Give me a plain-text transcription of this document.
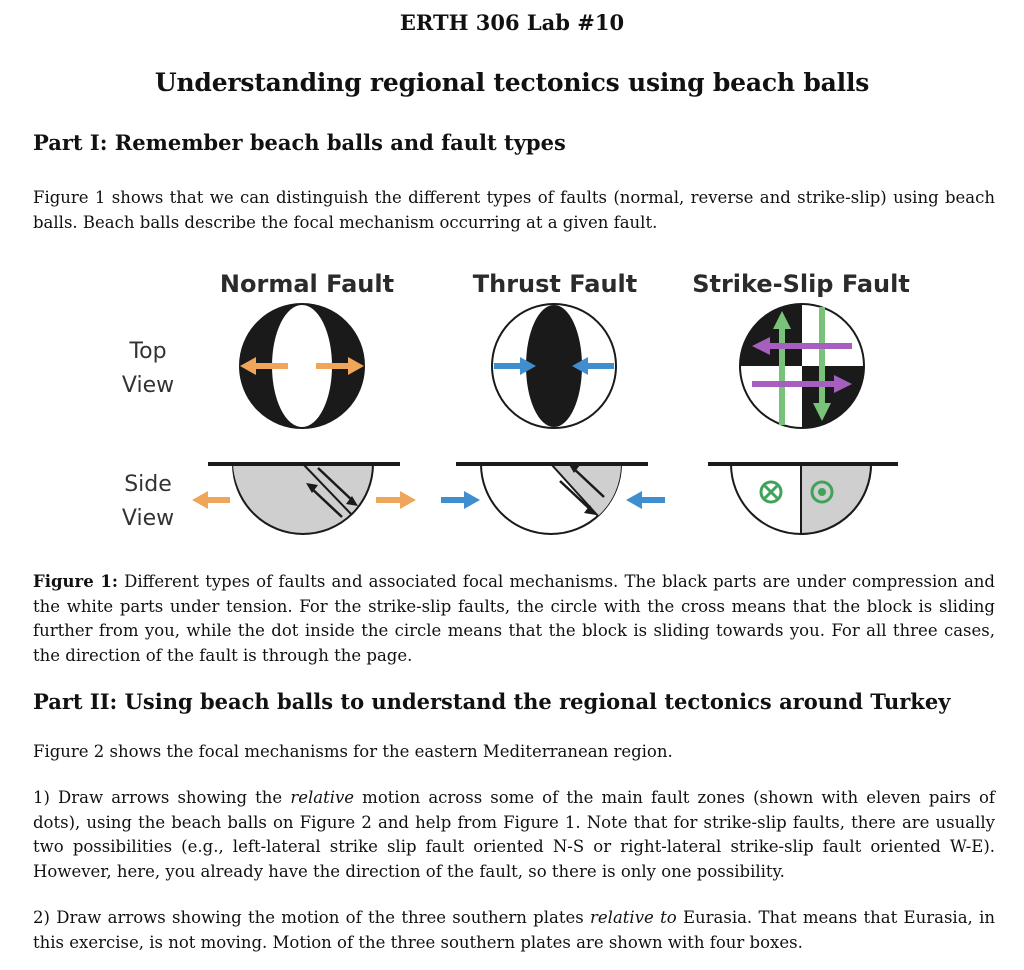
ERTH 306 Lab #10
Understanding regional tectonics using beach balls
Part I: Remember beach balls and fault types
Figure 1 shows that we can distinguish the different types of faults (normal, reverse and strike-slip) using beach balls. Beach balls describe the focal mechanism occurring at a given fault.
Normal Fault	Thrust Fault Strike-Slip Fault
Top
View
Side
View
Figure 1: Different types of faults and associated focal mechanisms. The black parts are under compression and the white parts under tension. For the strike-slip faults, the circle with the cross means that the block is sliding further from you, while the dot inside the circle means that the block is sliding towards you. For all three cases, the direction of the fault is through the page.
Part II: Using beach balls to understand the regional tectonics around Turkey
Figure 2 shows the focal mechanisms for the eastern Mediterranean region.
1) Draw arrows showing the relative motion across some of the main fault zones (shown with eleven pairs of dots), using the beach balls on Figure 2 and help from Figure 1. Note that for strike-slip faults, there are usually two possibilities (e.g., left-lateral strike slip fault oriented N-S or right-lateral strike-slip fault oriented W-E). However, here, you already have the direction of the fault, so there is only one possibility.
2) Draw arrows showing the motion of the three southern plates relative to Eurasia. That means that Eurasia, in this exercise, is not moving. Motion of the three southern plates are shown with four boxes.
